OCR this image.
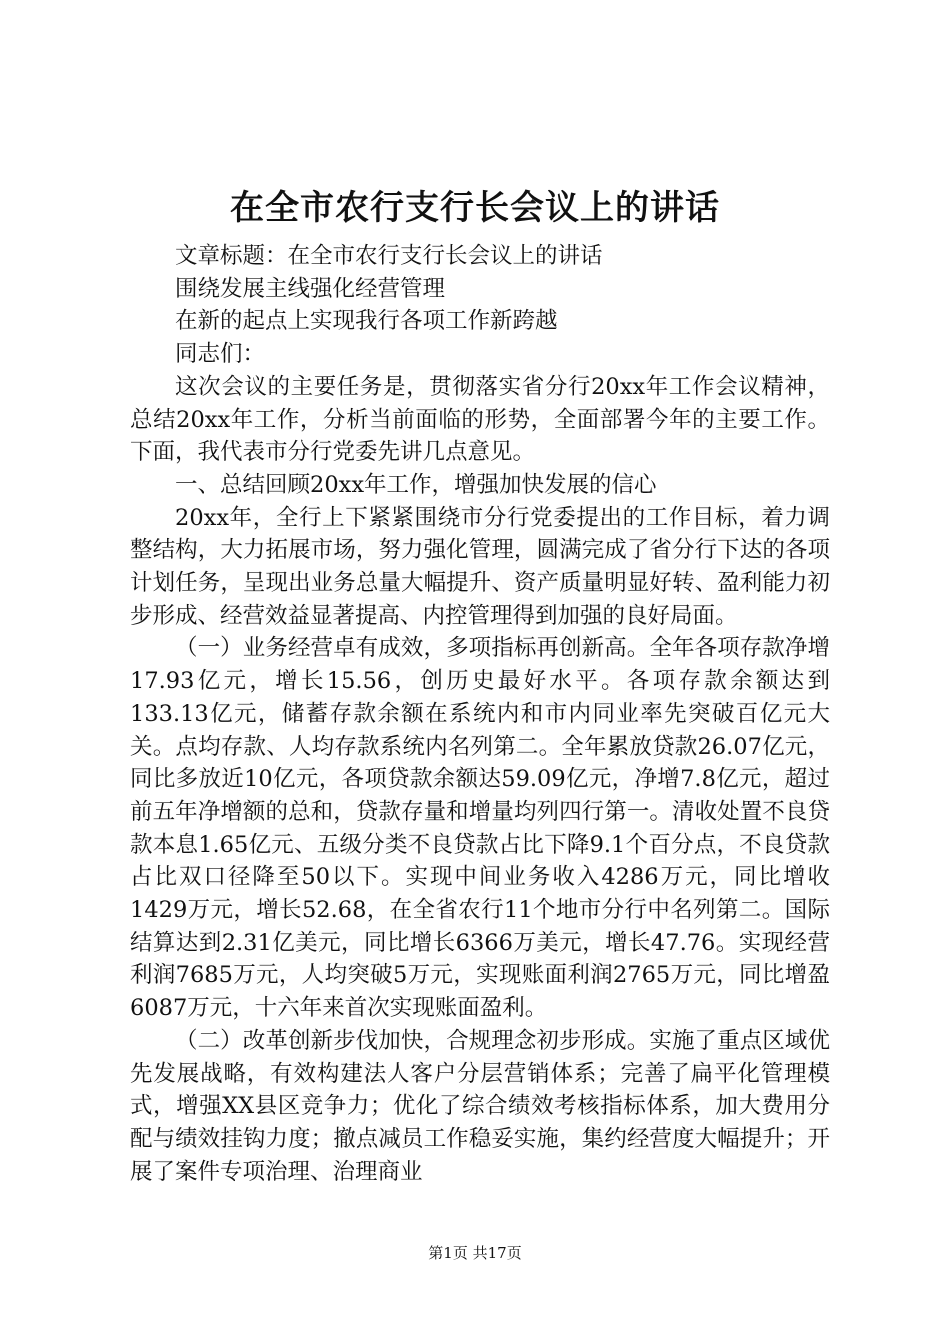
在全市农行支行长会议上的讲话

文章标题：在全市农行支行长会议上的讲话

围绕发展主线强化经营管理

在新的起点上实现我行各项工作新跨越

同志们：

这次会议的主要任务是，贯彻落实省分行20xx年工作会议精神，总结20xx年工作，分析当前面临的形势，全面部署今年的主要工作。下面，我代表市分行党委先讲几点意见。

一、总结回顾20xx年工作，增强加快发展的信心

20xx年，全行上下紧紧围绕市分行党委提出的工作目标，着力调整结构，大力拓展市场，努力强化管理，圆满完成了省分行下达的各项计划任务，呈现出业务总量大幅提升、资产质量明显好转、盈利能力初步形成、经营效益显著提高、内控管理得到加强的良好局面。

（一）业务经营卓有成效，多项指标再创新高。全年各项存款净增17.93亿元，增长15.56，创历史最好水平。各项存款余额达到133.13亿元，储蓄存款余额在系统内和市内同业率先突破百亿元大关。点均存款、人均存款系统内名列第二。全年累放贷款26.07亿元，同比多放近10亿元，各项贷款余额达59.09亿元，净增7.8亿元，超过前五年净增额的总和，贷款存量和增量均列四行第一。清收处置不良贷款本息1.65亿元、五级分类不良贷款占比下降9.1个百分点，不良贷款占比双口径降至50以下。实现中间业务收入4286万元，同比增收1429万元，增长52.68，在全省农行11个地市分行中名列第二。国际结算达到2.31亿美元，同比增长6366万美元，增长47.76。实现经营利润7685万元，人均突破5万元，实现账面利润2765万元，同比增盈6087万元，十六年来首次实现账面盈利。

（二）改革创新步伐加快，合规理念初步形成。实施了重点区域优先发展战略，有效构建法人客户分层营销体系；完善了扁平化管理模式，增强XX县区竞争力；优化了综合绩效考核指标体系，加大费用分配与绩效挂钩力度；撤点减员工作稳妥实施，集约经营度大幅提升；开展了案件专项治理、治理商业

第1页 共17页
